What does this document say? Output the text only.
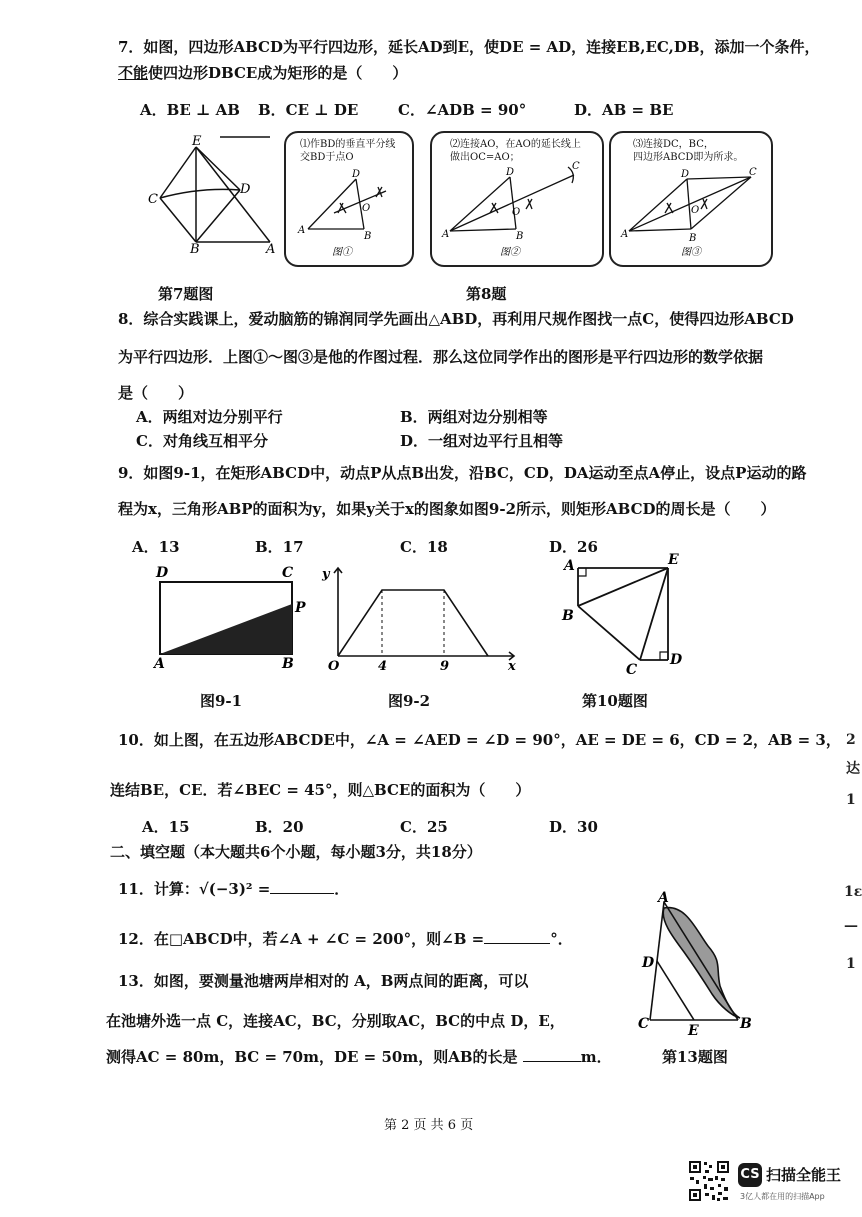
7．如图，四边形ABCD为平行四边形，延长AD到E，使DE = AD，连接EB,EC,DB，添加一个条件，
不能使四边形DBCE成为矩形的是（　　）
A．BE ⊥ AB B．CE ⊥ DE	C．∠ADB = 90°	D．AB = BE
E
C
D
B	A
第7题图
⑴作BD的垂直平分线
交BD于点O
D
A
B
O
图①
⑵连接AO，在AO的延长线上
做出OC=AO；
D
A	B
O
C
图②
⑶连接DC，BC，
四边形ABCD即为所求。
D
A	B
O
C
图③
第8题
8．综合实践课上，爱动脑筋的锦润同学先画出△ABD，再利用尺规作图找一点C，使得四边形ABCD
为平行四边形．上图①～图③是他的作图过程．那么这位同学作出的图形是平行四边形的数学依据
是（　　）
A．两组对边分别平行	B．两组对边分别相等
C．对角线互相平分	D．一组对边平行且相等
9．如图9-1，在矩形ABCD中，动点P从点B出发，沿BC，CD，DA运动至点A停止，设点P运动的路
程为x，三角形ABP的面积为y，如果y关于x的图象如图9-2所示，则矩形ABCD的周长是（　　）
A．13	B．17	C．18	D．26
D	C
P
A	B
图9-1
O	4	9	x
y
图9-2
A	E
B
C
D
第10题图
10．如上图，在五边形ABCDE中，∠A = ∠AED = ∠D = 90°，AE = DE = 6，CD = 2，AB = 3，
连结BE，CE．若∠BEC = 45°，则△BCE的面积为（　　）
A．15	B．20	C．25	D．30
二、填空题（本大题共6个小题，每小题3分，共18分）
11．计算：√(−3)² =	．
12．在□ABCD中，若∠A + ∠C = 200°，则∠B =	°．
13．如图，要测量池塘两岸相对的 A，B两点间的距离，可以
在池塘外选一点 C，连接AC，BC，分别取AC，BC的中点 D，E，
测得AC = 80m，BC = 70m，DE = 50m，则AB的长是	m．
A
D
C	E	B
第13题图
第 2 页 共 6 页
2
达
1
1ε
—
1
CS 扫描全能王
3亿人都在用的扫描App
